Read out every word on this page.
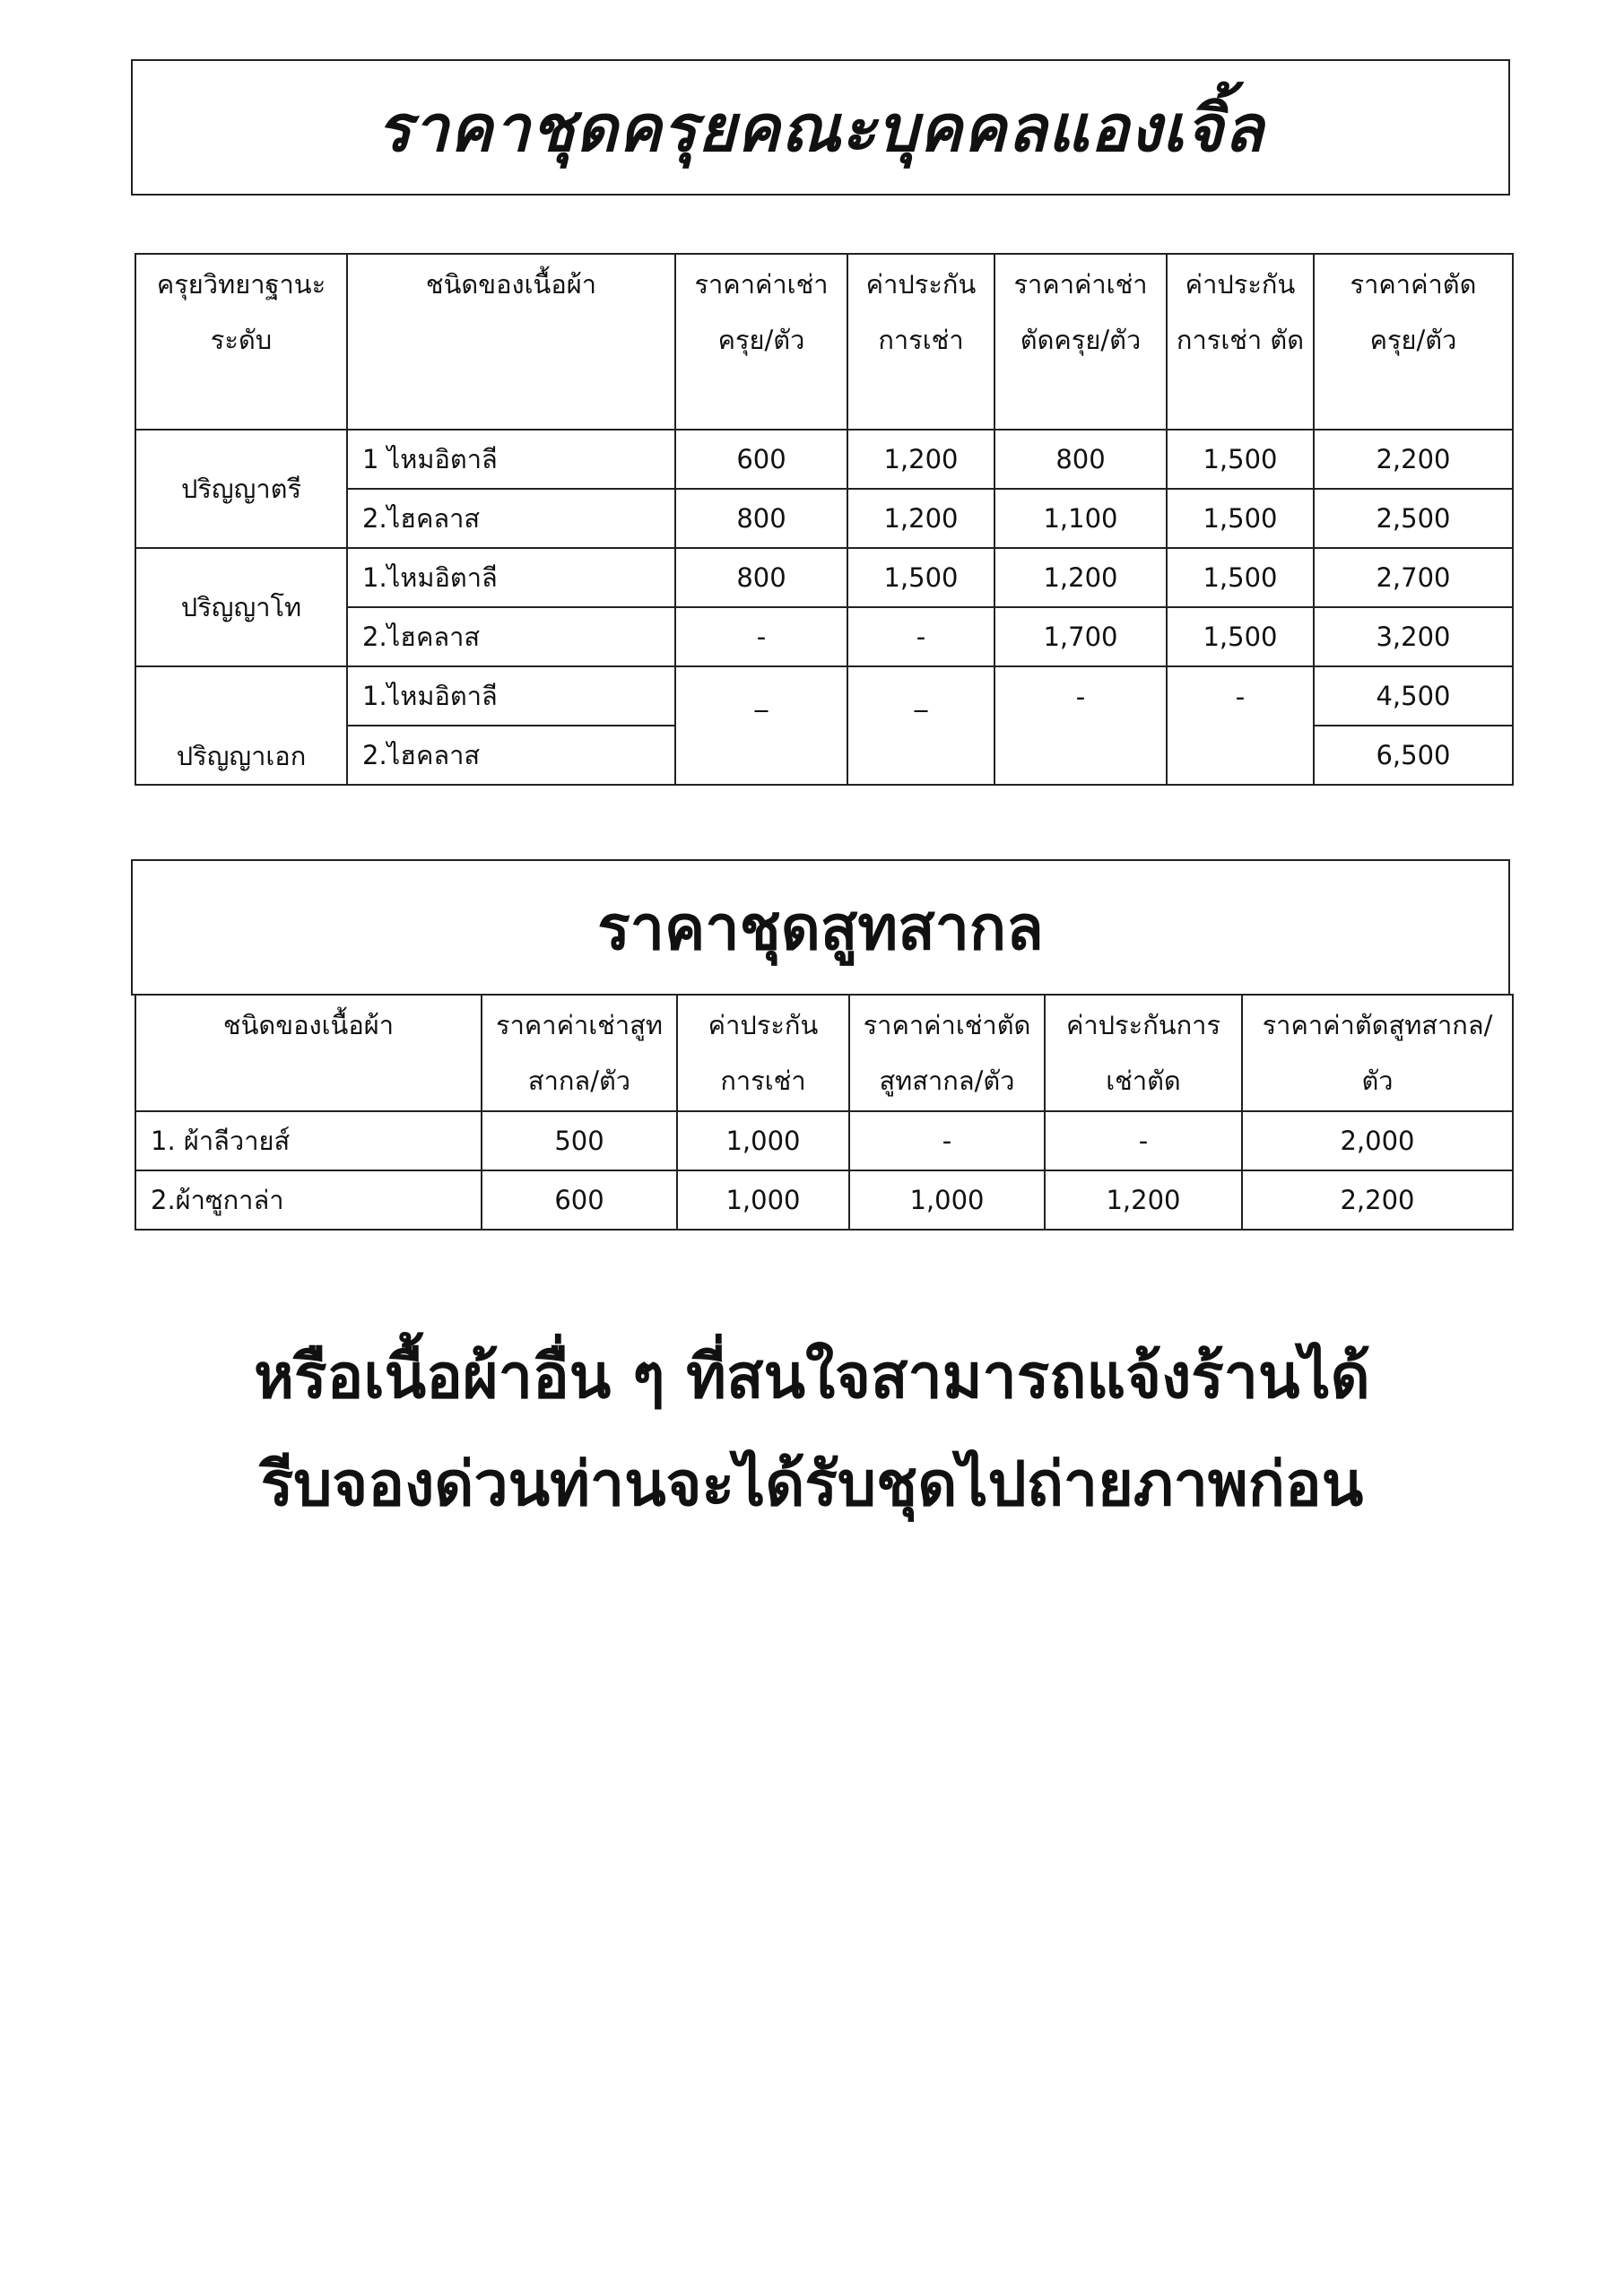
ราคาชุดครุยคณะบุคคลแองเจิ้ล
ครุยวิทยาฐานะ ระดับ	ชนิดของเนื้อผ้า	ราคาค่าเช่า ครุย/ตัว	ค่าประกัน การเช่า	ราคาค่าเช่า ตัดครุย/ตัว	ค่าประกัน การเช่า ตัด	ราคาค่าตัด ครุย/ตัว
ปริญญาตรี	1 ไหมอิตาลี	600	1,200	800	1,500	2,200
	2.ไฮคลาส	800	1,200	1,100	1,500	2,500
ปริญญาโท	1.ไหมอิตาลี	800	1,500	1,200	1,500	2,700
	2.ไฮคลาส	-	-	1,700	1,500	3,200
ปริญญาเอก	1.ไหมอิตาลี	_	_	-	-	4,500
	2.ไฮคลาส					6,500
ราคาชุดสูทสากล
ชนิดของเนื้อผ้า	ราคาค่าเช่าสูท สากล/ตัว	ค่าประกัน การเช่า	ราคาค่าเช่าตัด สูทสากล/ตัว	ค่าประกันการ เช่าตัด	ราคาค่าตัดสูทสากล/ ตัว
1. ผ้าลีวายส์	500	1,000	-	-	2,000
2.ผ้าซูกาล่า	600	1,000	1,000	1,200	2,200
หรือเนื้อผ้าอื่น ๆ ที่สนใจสามารถแจ้งร้านได้
รีบจองด่วนท่านจะได้รับชุดไปถ่ายภาพก่อน
